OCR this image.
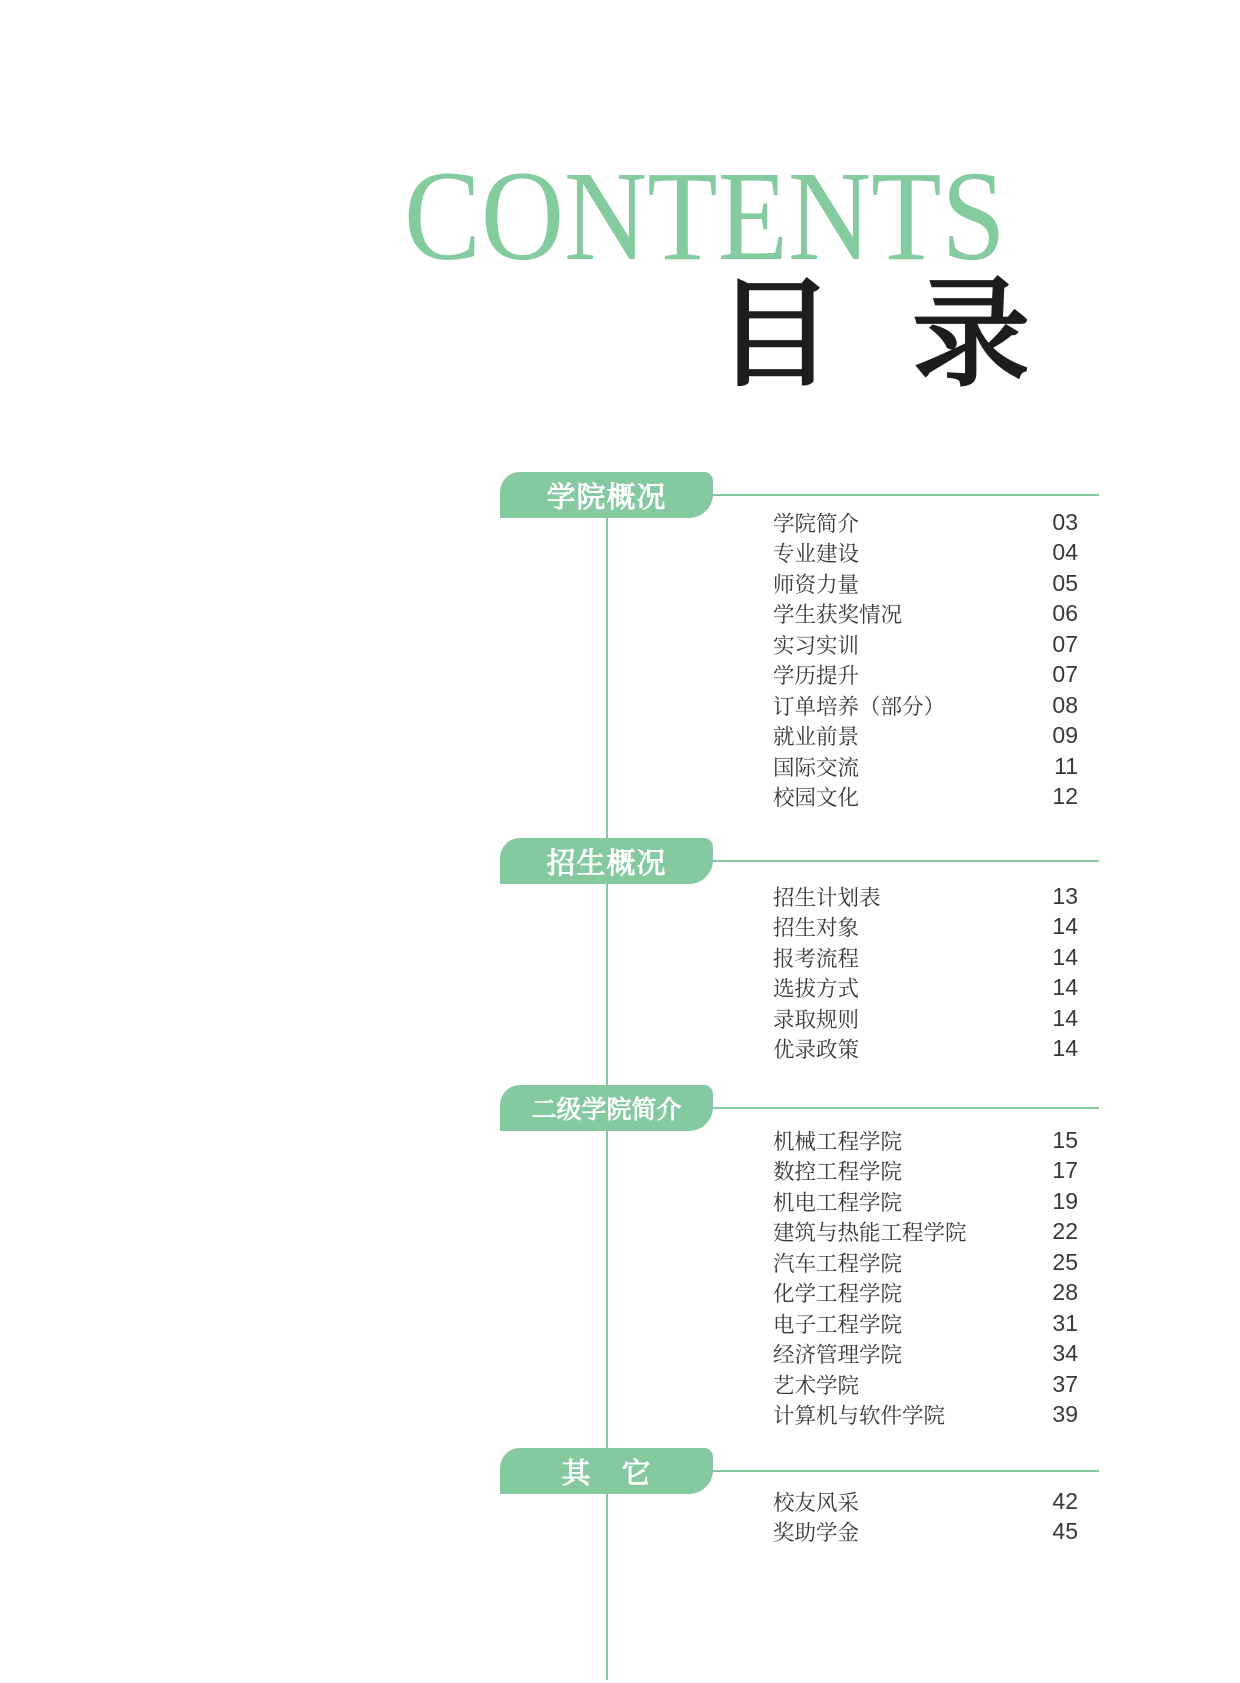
CONTENTS
目录
学院概况
学院简介	03
专业建设	04
师资力量	05
学生获奖情况	06
实习实训	07
学历提升	07
订单培养（部分）	08
就业前景	09
国际交流	11
校园文化	12
招生概况
招生计划表	13
招生对象	14
报考流程	14
选拔方式	14
录取规则	14
优录政策	14
二级学院简介
机械工程学院	15
数控工程学院	17
机电工程学院	19
建筑与热能工程学院	22
汽车工程学院	25
化学工程学院	28
电子工程学院	31
经济管理学院	34
艺术学院	37
计算机与软件学院	39
其　它
校友风采	42
奖助学金	45
